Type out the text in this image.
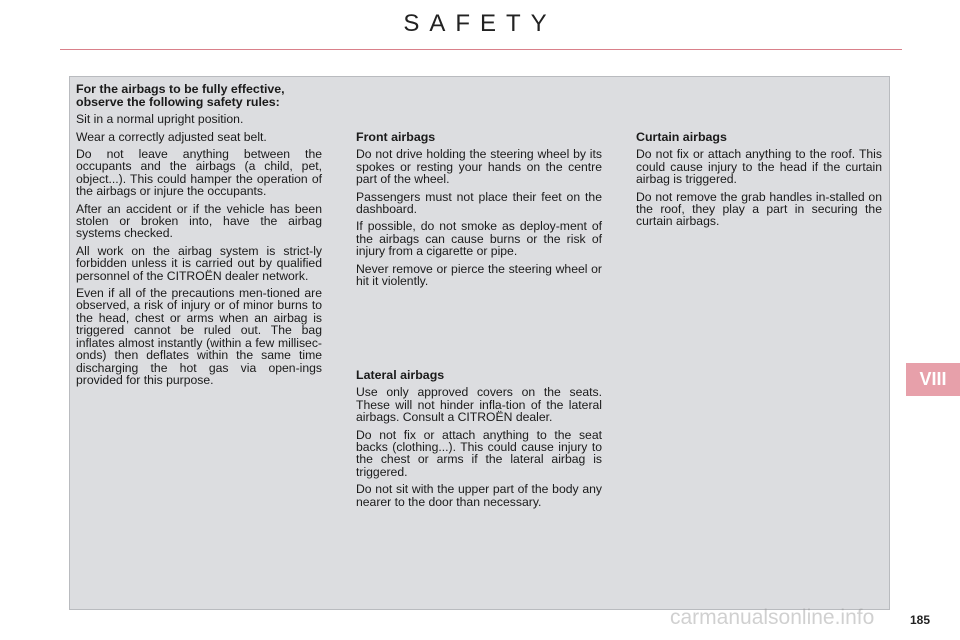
SAFETY

For the airbags to be fully effective, observe the following safety rules:

Sit in a normal upright position.

Wear a correctly adjusted seat belt.

Do not leave anything between the occupants and the airbags (a child, pet, object...). This could hamper the operation of the airbags or injure the occupants.

After an accident or if the vehicle has been stolen or broken into, have the airbag systems checked.

All work on the airbag system is strict-ly forbidden unless it is carried out by qualified personnel of the CITROËN dealer network.

Even if all of the precautions men-tioned are observed, a risk of injury or of minor burns to the head, chest or arms when an airbag is triggered cannot be ruled out. The bag inflates almost instantly (within a few millisec-onds) then deflates within the same time discharging the hot gas via open-ings provided for this purpose.

Front airbags

Do not drive holding the steering wheel by its spokes or resting your hands on the centre part of the wheel.

Passengers must not place their feet on the dashboard.

If possible, do not smoke as deploy-ment of the airbags can cause burns or the risk of injury from a cigarette or pipe.

Never remove or pierce the steering wheel or hit it violently.

Lateral airbags

Use only approved covers on the seats. These will not hinder infla-tion of the lateral airbags. Consult a CITROËN dealer.

Do not fix or attach anything to the seat backs (clothing...). This could cause injury to the chest or arms if the lateral airbag is triggered.

Do not sit with the upper part of the body any nearer to the door than necessary.

Curtain airbags

Do not fix or attach anything to the roof. This could cause injury to the head if the curtain airbag is triggered.

Do not remove the grab handles in-stalled on the roof, they play a part in securing the curtain airbags.

VIII
carmanualsonline.info	185
